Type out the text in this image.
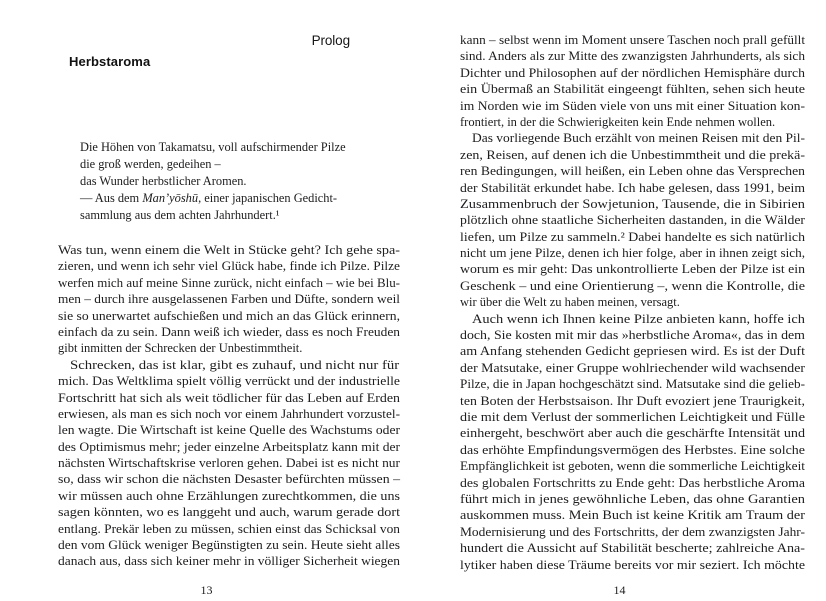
Prolog
Herbstaroma
Die Höhen von Takamatsu, voll aufschirmender Pilze
die groß werden, gedeihen –
das Wunder herbstlicher Aromen.
— Aus dem Man’yōshū, einer japanischen Gedicht-
sammlung aus dem achten Jahrhundert.¹
Was tun, wenn einem die Welt in Stücke geht? Ich gehe spa-
zieren, und wenn ich sehr viel Glück habe, finde ich Pilze. Pilze
werfen mich auf meine Sinne zurück, nicht einfach – wie bei Blu-
men – durch ihre ausgelassenen Farben und Düfte, sondern weil
sie so unerwartet aufschießen und mich an das Glück erinnern,
einfach da zu sein. Dann weiß ich wieder, dass es noch Freuden
gibt inmitten der Schrecken der Unbestimmtheit.
Schrecken, das ist klar, gibt es zuhauf, und nicht nur für
mich. Das Weltklima spielt völlig verrückt und der industrielle
Fortschritt hat sich als weit tödlicher für das Leben auf Erden
erwiesen, als man es sich noch vor einem Jahrhundert vorzustel-
len wagte. Die Wirtschaft ist keine Quelle des Wachstums oder
des Optimismus mehr; jeder einzelne Arbeitsplatz kann mit der
nächsten Wirtschaftskrise verloren gehen. Dabei ist es nicht nur
so, dass wir schon die nächsten Desaster befürchten müssen –
wir müssen auch ohne Erzählungen zurechtkommen, die uns
sagen könnten, wo es langgeht und auch, warum gerade dort
entlang. Prekär leben zu müssen, schien einst das Schicksal von
den vom Glück weniger Begünstigten zu sein. Heute sieht alles
danach aus, dass sich keiner mehr in völliger Sicherheit wiegen
13
kann – selbst wenn im Moment unsere Taschen noch prall gefüllt
sind. Anders als zur Mitte des zwanzigsten Jahrhunderts, als sich
Dichter und Philosophen auf der nördlichen Hemisphäre durch
ein Übermaß an Stabilität eingeengt fühlten, sehen sich heute
im Norden wie im Süden viele von uns mit einer Situation kon-
frontiert, in der die Schwierigkeiten kein Ende nehmen wollen.
Das vorliegende Buch erzählt von meinen Reisen mit den Pil-
zen, Reisen, auf denen ich die Unbestimmtheit und die prekä-
ren Bedingungen, will heißen, ein Leben ohne das Versprechen
der Stabilität erkundet habe. Ich habe gelesen, dass 1991, beim
Zusammenbruch der Sowjetunion, Tausende, die in Sibirien
plötzlich ohne staatliche Sicherheiten dastanden, in die Wälder
liefen, um Pilze zu sammeln.² Dabei handelte es sich natürlich
nicht um jene Pilze, denen ich hier folge, aber in ihnen zeigt sich,
worum es mir geht: Das unkontrollierte Leben der Pilze ist ein
Geschenk – und eine Orientierung –, wenn die Kontrolle, die
wir über die Welt zu haben meinen, versagt.
Auch wenn ich Ihnen keine Pilze anbieten kann, hoffe ich
doch, Sie kosten mit mir das »herbstliche Aroma«, das in dem
am Anfang stehenden Gedicht gepriesen wird. Es ist der Duft
der Matsutake, einer Gruppe wohlriechender wild wachsender
Pilze, die in Japan hochgeschätzt sind. Matsutake sind die gelieb-
ten Boten der Herbstsaison. Ihr Duft evoziert jene Traurigkeit,
die mit dem Verlust der sommerlichen Leichtigkeit und Fülle
einhergeht, beschwört aber auch die geschärfte Intensität und
das erhöhte Empfindungsvermögen des Herbstes. Eine solche
Empfänglichkeit ist geboten, wenn die sommerliche Leichtigkeit
des globalen Fortschritts zu Ende geht: Das herbstliche Aroma
führt mich in jenes gewöhnliche Leben, das ohne Garantien
auskommen muss. Mein Buch ist keine Kritik am Traum der
Modernisierung und des Fortschritts, der dem zwanzigsten Jahr-
hundert die Aussicht auf Stabilität bescherte; zahlreiche Ana-
lytiker haben diese Träume bereits vor mir seziert. Ich möchte
14
